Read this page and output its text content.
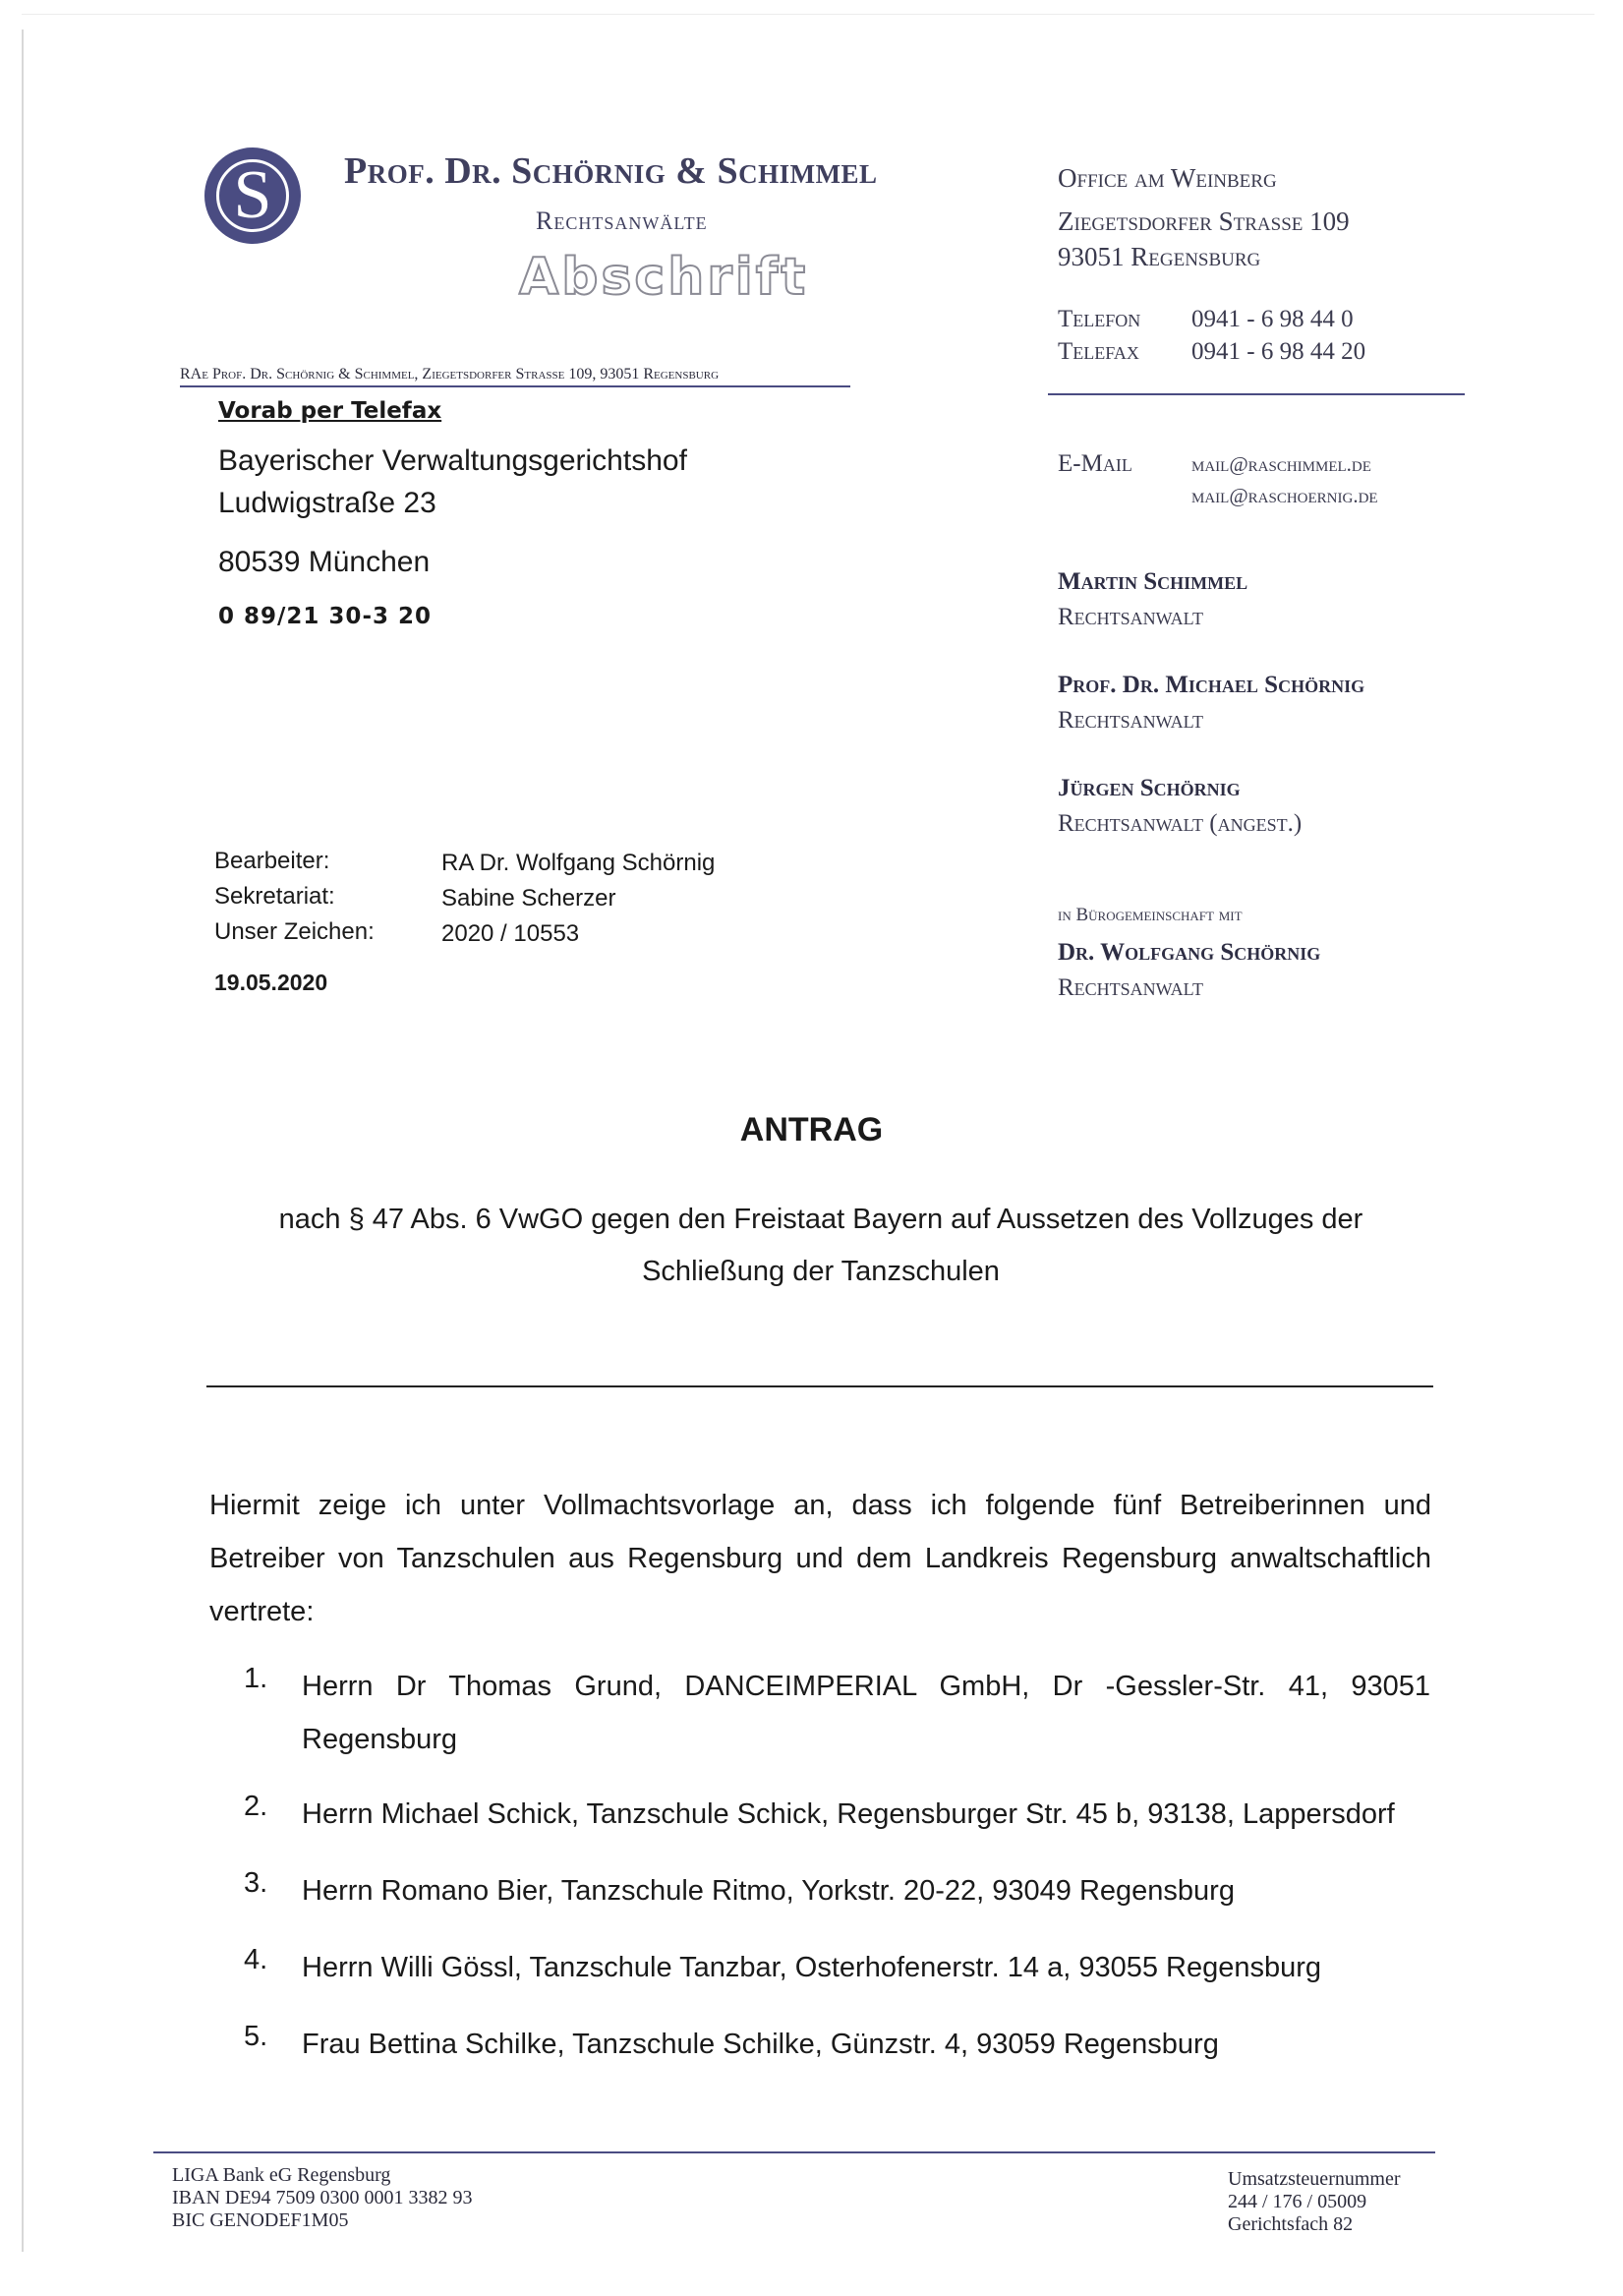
S	Prof. Dr. Schörnig & Schimmel
Rechtsanwälte
Abschrift
RAe Prof. Dr. Schörnig & Schimmel, Ziegetsdorfer Strasse 109, 93051 Regensburg
Vorab per Telefax
Bayerischer Verwaltungsgerichtshof
Ludwigstraße 23
80539 München
0 89/21 30-3 20
Office am Weinberg
Ziegetsdorfer Strasse 109
93051 Regensburg
Telefon 0941 - 6 98 44 0
Telefax 0941 - 6 98 44 20
E-Mail	mail@raschimmel.de
mail@raschoernig.de
Martin Schimmel
Rechtsanwalt
Prof. Dr. Michael Schörnig
Rechtsanwalt
Jürgen Schörnig
Rechtsanwalt (angest.)
in Bürogemeinschaft mit
Dr. Wolfgang Schörnig
Rechtsanwalt
Bearbeiter:	RA Dr. Wolfgang Schörnig
Sekretariat:	Sabine Scherzer
Unser Zeichen:	2020 / 10553
19.05.2020
ANTRAG
nach § 47 Abs. 6 VwGO gegen den Freistaat Bayern auf Aussetzen des Vollzuges der
Schließung der Tanzschulen
Hiermit zeige ich unter Vollmachtsvorlage an, dass ich folgende fünf Betreiberinnen und Betreiber von Tanzschulen aus Regensburg und dem Landkreis Regensburg anwaltschaftlich vertrete:
1. Herrn Dr Thomas Grund, DANCEIMPERIAL GmbH, Dr -Gessler-Str. 41, 93051 Regensburg
2. Herrn Michael Schick, Tanzschule Schick, Regensburger Str. 45 b, 93138, Lappersdorf
3. Herrn Romano Bier, Tanzschule Ritmo, Yorkstr. 20-22, 93049 Regensburg
4. Herrn Willi Gössl, Tanzschule Tanzbar, Osterhofenerstr. 14 a, 93055 Regensburg
5. Frau Bettina Schilke, Tanzschule Schilke, Günzstr. 4, 93059 Regensburg
LIGA Bank eG Regensburg
IBAN DE94 7509 0300 0001 3382 93
BIC GENODEF1M05
Umsatzsteuernummer
244 / 176 / 05009
Gerichtsfach 82
